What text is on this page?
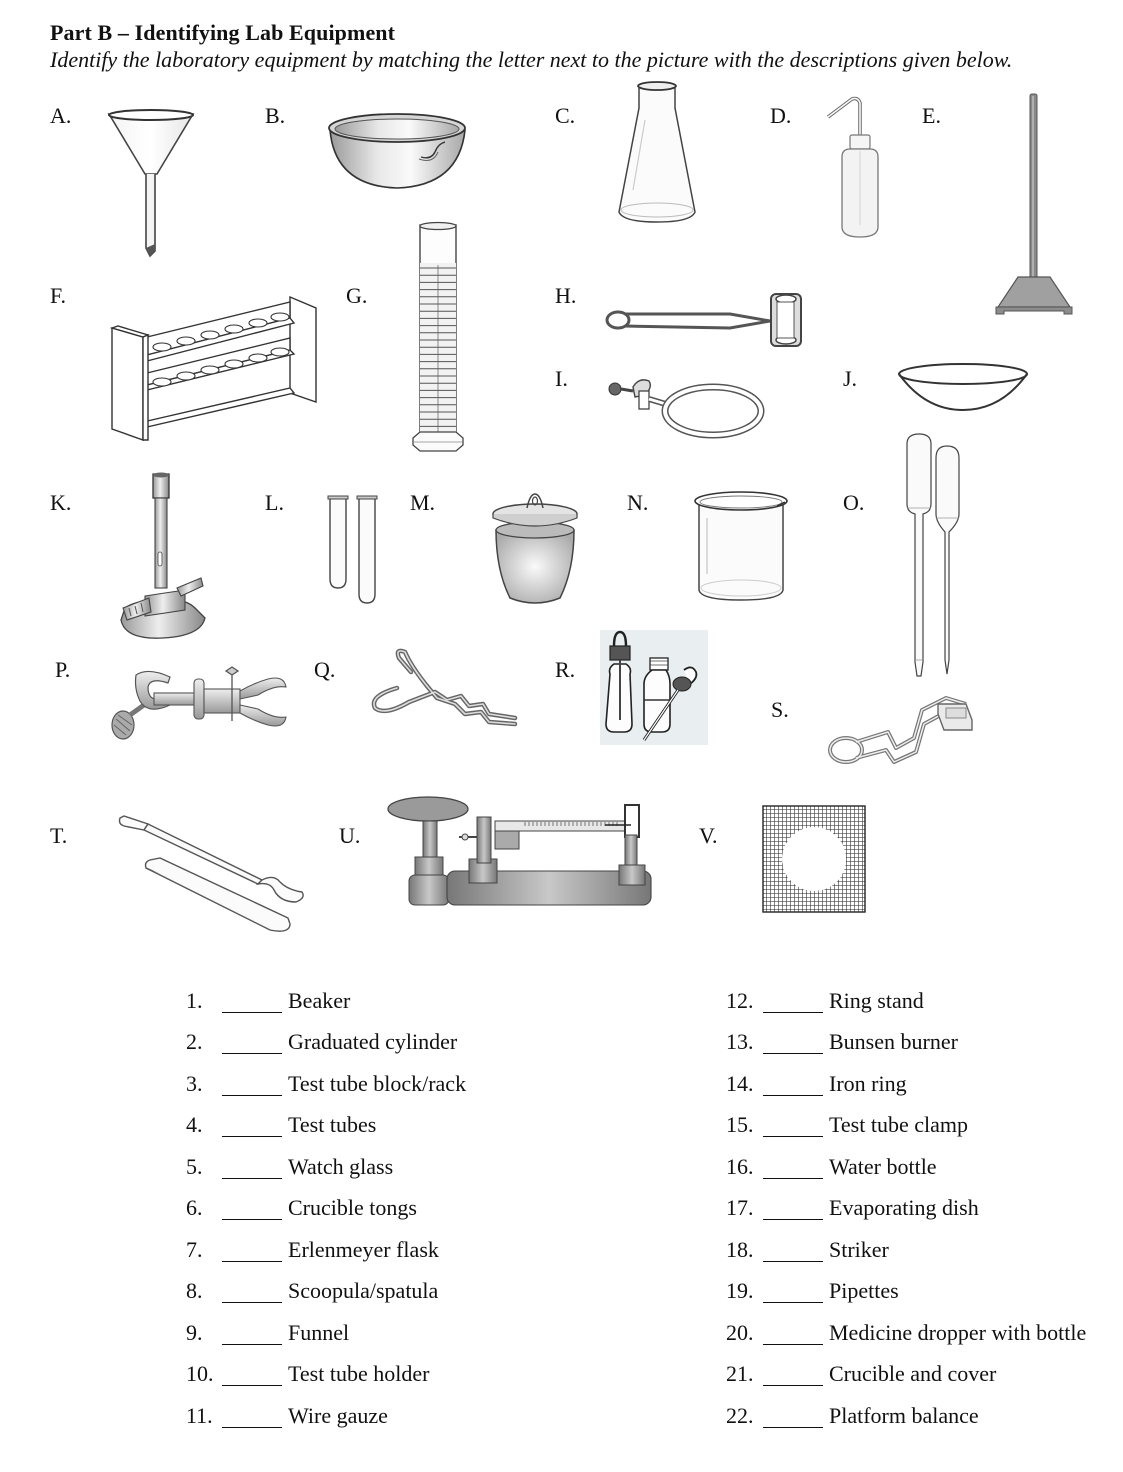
Part B – Identifying Lab Equipment
Identify the laboratory equipment by matching the letter next to the picture with the descriptions given below.
A.	B.	C.	D.	E.
F.	G.	H.
I.	J.
K.	L.	M.	N.	O.
P.	Q.	R.
S.
T.	U.	V.
1.	Beaker
2.	Graduated cylinder
3.	Test tube block/rack
4.	Test tubes
5.	Watch glass
6.	Crucible tongs
7.	Erlenmeyer flask
8.	Scoopula/spatula
9.	Funnel
10.	Test tube holder
11.	Wire gauze
12.	Ring stand
13.	Bunsen burner
14.	Iron ring
15.	Test tube clamp
16.	Water bottle
17.	Evaporating dish
18.	Striker
19.	Pipettes
20.	Medicine dropper with bottle
21.	Crucible and cover
22.	Platform balance
